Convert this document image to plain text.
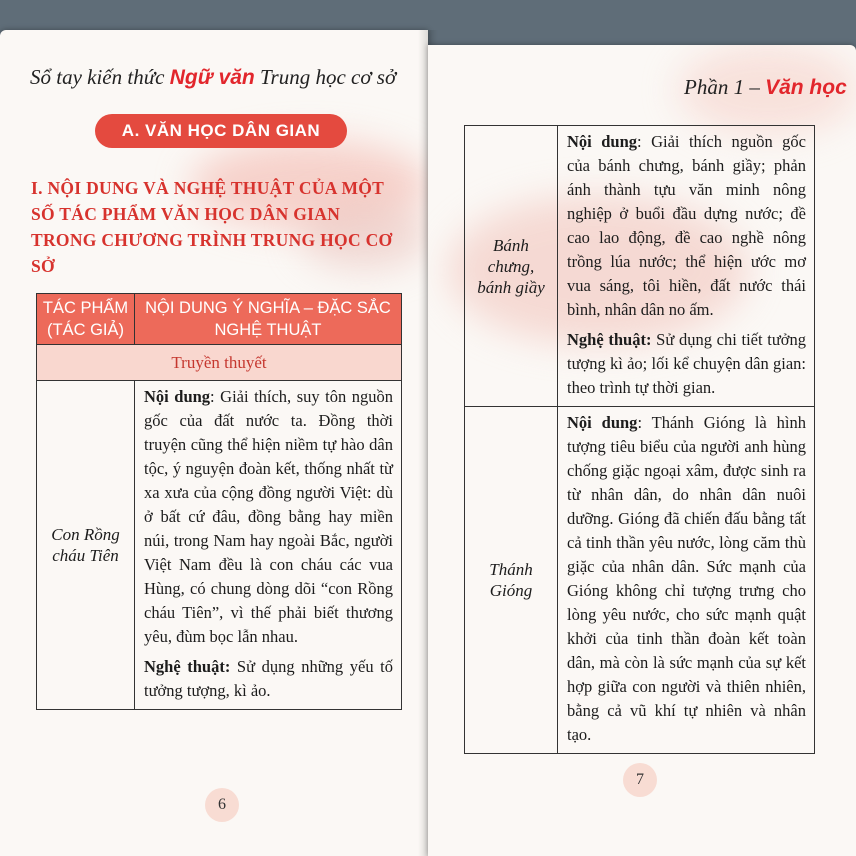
Sổ tay kiến thức Ngữ văn Trung học cơ sở
A. VĂN HỌC DÂN GIAN
I. NỘI DUNG VÀ NGHỆ THUẬT CỦA MỘT SỐ TÁC PHẨM VĂN HỌC DÂN GIAN TRONG CHƯƠNG TRÌNH TRUNG HỌC CƠ SỞ
TÁC PHẨM (TÁC GIẢ)	NỘI DUNG Ý NGHĨA – ĐẶC SẮC NGHỆ THUẬT
Truyền thuyết	
Con Rồng cháu Tiên	Nội dung: Giải thích, suy tôn nguồn gốc của đất nước ta. Đồng thời truyện cũng thể hiện niềm tự hào dân tộc, ý nguyện đoàn kết, thống nhất từ xa xưa của cộng đồng người Việt: dù ở bất cứ đâu, đồng bằng hay miền núi, trong Nam hay ngoài Bắc, người Việt Nam đều là con cháu các vua Hùng, có chung dòng dõi “con Rồng cháu Tiên”, vì thế phải biết thương yêu, đùm bọc lẫn nhau.

Nghệ thuật: Sử dụng những yếu tố tưởng tượng, kì ảo.

6
Phần 1 – Văn học
Bánh chưng, bánh giầy	Nội dung: Giải thích nguồn gốc của bánh chưng, bánh giầy; phản ánh thành tựu văn minh nông nghiệp ở buổi đầu dựng nước; đề cao lao động, đề cao nghề nông trồng lúa nước; thể hiện ước mơ vua sáng, tôi hiền, đất nước thái bình, nhân dân no ấm.

Nghệ thuật: Sử dụng chi tiết tưởng tượng kì ảo; lối kể chuyện dân gian: theo trình tự thời gian.

Thánh Gióng	Nội dung: Thánh Gióng là hình tượng tiêu biểu của người anh hùng chống giặc ngoại xâm, được sinh ra từ nhân dân, do nhân dân nuôi dưỡng. Gióng đã chiến đấu bằng tất cả tinh thần yêu nước, lòng căm thù giặc của nhân dân. Sức mạnh của Gióng không chỉ tượng trưng cho lòng yêu nước, cho sức mạnh quật khởi của tinh thần đoàn kết toàn dân, mà còn là sức mạnh của sự kết hợp giữa con người và thiên nhiên, bằng cả vũ khí tự nhiên và nhân tạo.

7
